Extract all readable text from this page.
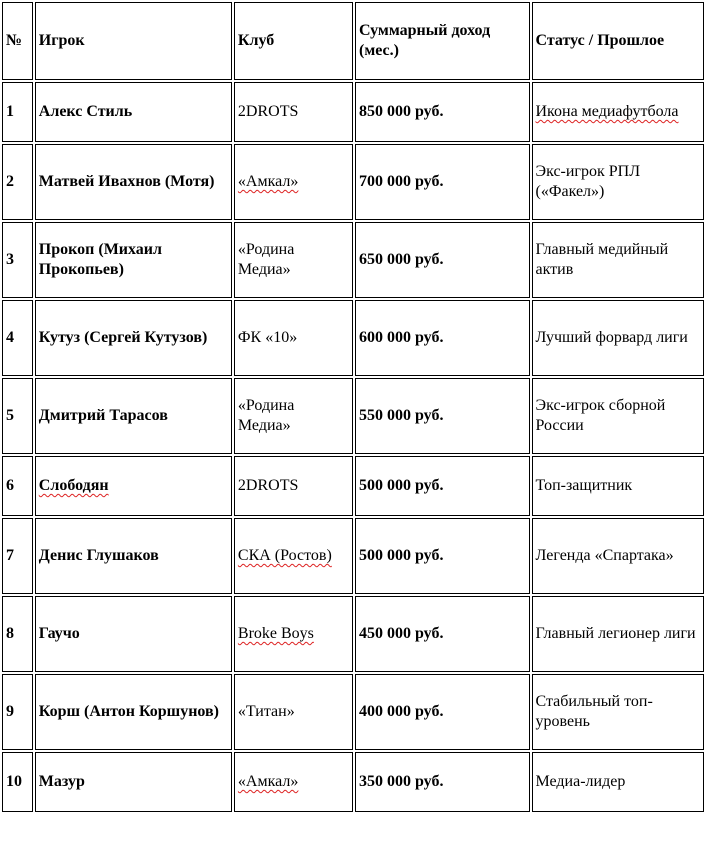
№	Игрок	Клуб	Суммарный доход (мес.)	Статус / Прошлое
1	Алекс Стиль	2DROTS	850 000 руб.	Икона медиафутбола
2	Матвей Ивахнов (Мотя)	«Амкал»	700 000 руб.	Экс-игрок РПЛ («Факел»)
3	Прокоп (Михаил Прокопьев)	«Родина Медиа»	650 000 руб.	Главный медийный актив
4	Кутуз (Сергей Кутузов)	ФК «10»	600 000 руб.	Лучший форвард лиги
5	Дмитрий Тарасов	«Родина Медиа»	550 000 руб.	Экс-игрок сборной России
6	Слободян	2DROTS	500 000 руб.	Топ-защитник
7	Денис Глушаков	СКА (Ростов)	500 000 руб.	Легенда «Спартака»
8	Гаучо	Broke Boys	450 000 руб.	Главный легионер лиги
9	Корш (Антон Коршунов)	«Титан»	400 000 руб.	Стабильный топ-уровень
10	Мазур	«Амкал»	350 000 руб.	Медиа-лидер
